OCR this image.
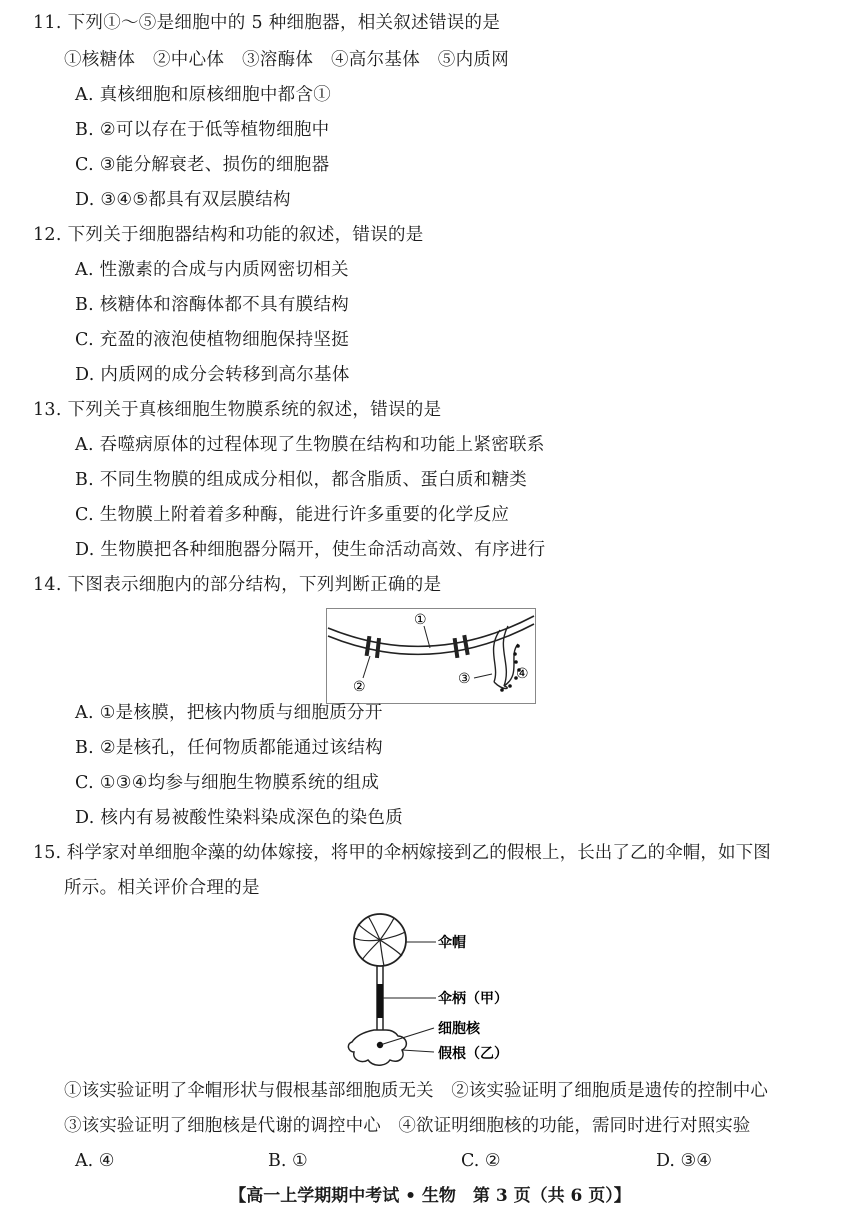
11. 下列①～⑤是细胞中的 5 种细胞器，相关叙述错误的是
①核糖体　②中心体　③溶酶体　④高尔基体　⑤内质网
A. 真核细胞和原核细胞中都含①
B. ②可以存在于低等植物细胞中
C. ③能分解衰老、损伤的细胞器
D. ③④⑤都具有双层膜结构
12. 下列关于细胞器结构和功能的叙述，错误的是
A. 性激素的合成与内质网密切相关
B. 核糖体和溶酶体都不具有膜结构
C. 充盈的液泡使植物细胞保持坚挺
D. 内质网的成分会转移到高尔基体
13. 下列关于真核细胞生物膜系统的叙述，错误的是
A. 吞噬病原体的过程体现了生物膜在结构和功能上紧密联系
B. 不同生物膜的组成成分相似，都含脂质、蛋白质和糖类
C. 生物膜上附着着多种酶，能进行许多重要的化学反应
D. 生物膜把各种细胞器分隔开，使生命活动高效、有序进行
14. 下图表示细胞内的部分结构，下列判断正确的是
①
②	③	④
A. ①是核膜，把核内物质与细胞质分开
B. ②是核孔，任何物质都能通过该结构
C. ①③④均参与细胞生物膜系统的组成
D. 核内有易被酸性染料染成深色的染色质
15. 科学家对单细胞伞藻的幼体嫁接，将甲的伞柄嫁接到乙的假根上，长出了乙的伞帽，如下图
所示。相关评价合理的是
伞帽
伞柄（甲）
细胞核
假根（乙）
①该实验证明了伞帽形状与假根基部细胞质无关　②该实验证明了细胞质是遗传的控制中心
③该实验证明了细胞核是代谢的调控中心　④欲证明细胞核的功能，需同时进行对照实验
A. ④	B. ①	C. ②	D. ③④
【高一上学期期中考试 • 生物　第 3 页（共 6 页）】
